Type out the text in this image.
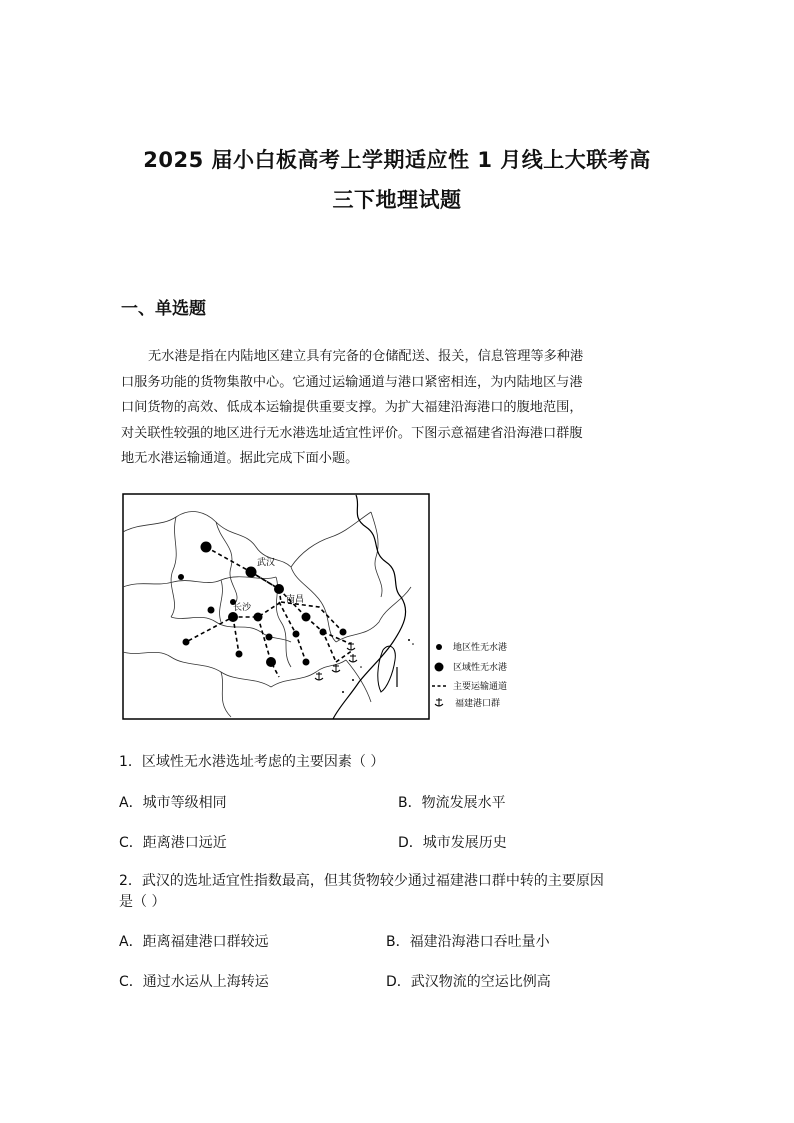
2025 届小白板高考上学期适应性 1 月线上大联考高
三下地理试题
一、单选题

无水港是指在内陆地区建立具有完备的仓储配送、报关，信息管理等多种港

口服务功能的货物集散中心。它通过运输通道与港口紧密相连，为内陆地区与港

口间货物的高效、低成本运输提供重要支撑。为扩大福建沿海港口的腹地范围，

对关联性较强的地区进行无水港选址适宜性评价。下图示意福建省沿海港口群腹

地无水港运输通道。据此完成下面小题。

武汉
南昌
长沙
地区性无水港
区域性无水港
主要运输通道
福建港口群
1．区域性无水港选址考虑的主要因素（ ）
A．城市等级相同	B．物流发展水平
C．距离港口远近	D．城市发展历史
2．武汉的选址适宜性指数最高，但其货物较少通过福建港口群中转的主要原因
是（ ）
A．距离福建港口群较远	B．福建沿海港口吞吐量小
C．通过水运从上海转运	D．武汉物流的空运比例高
